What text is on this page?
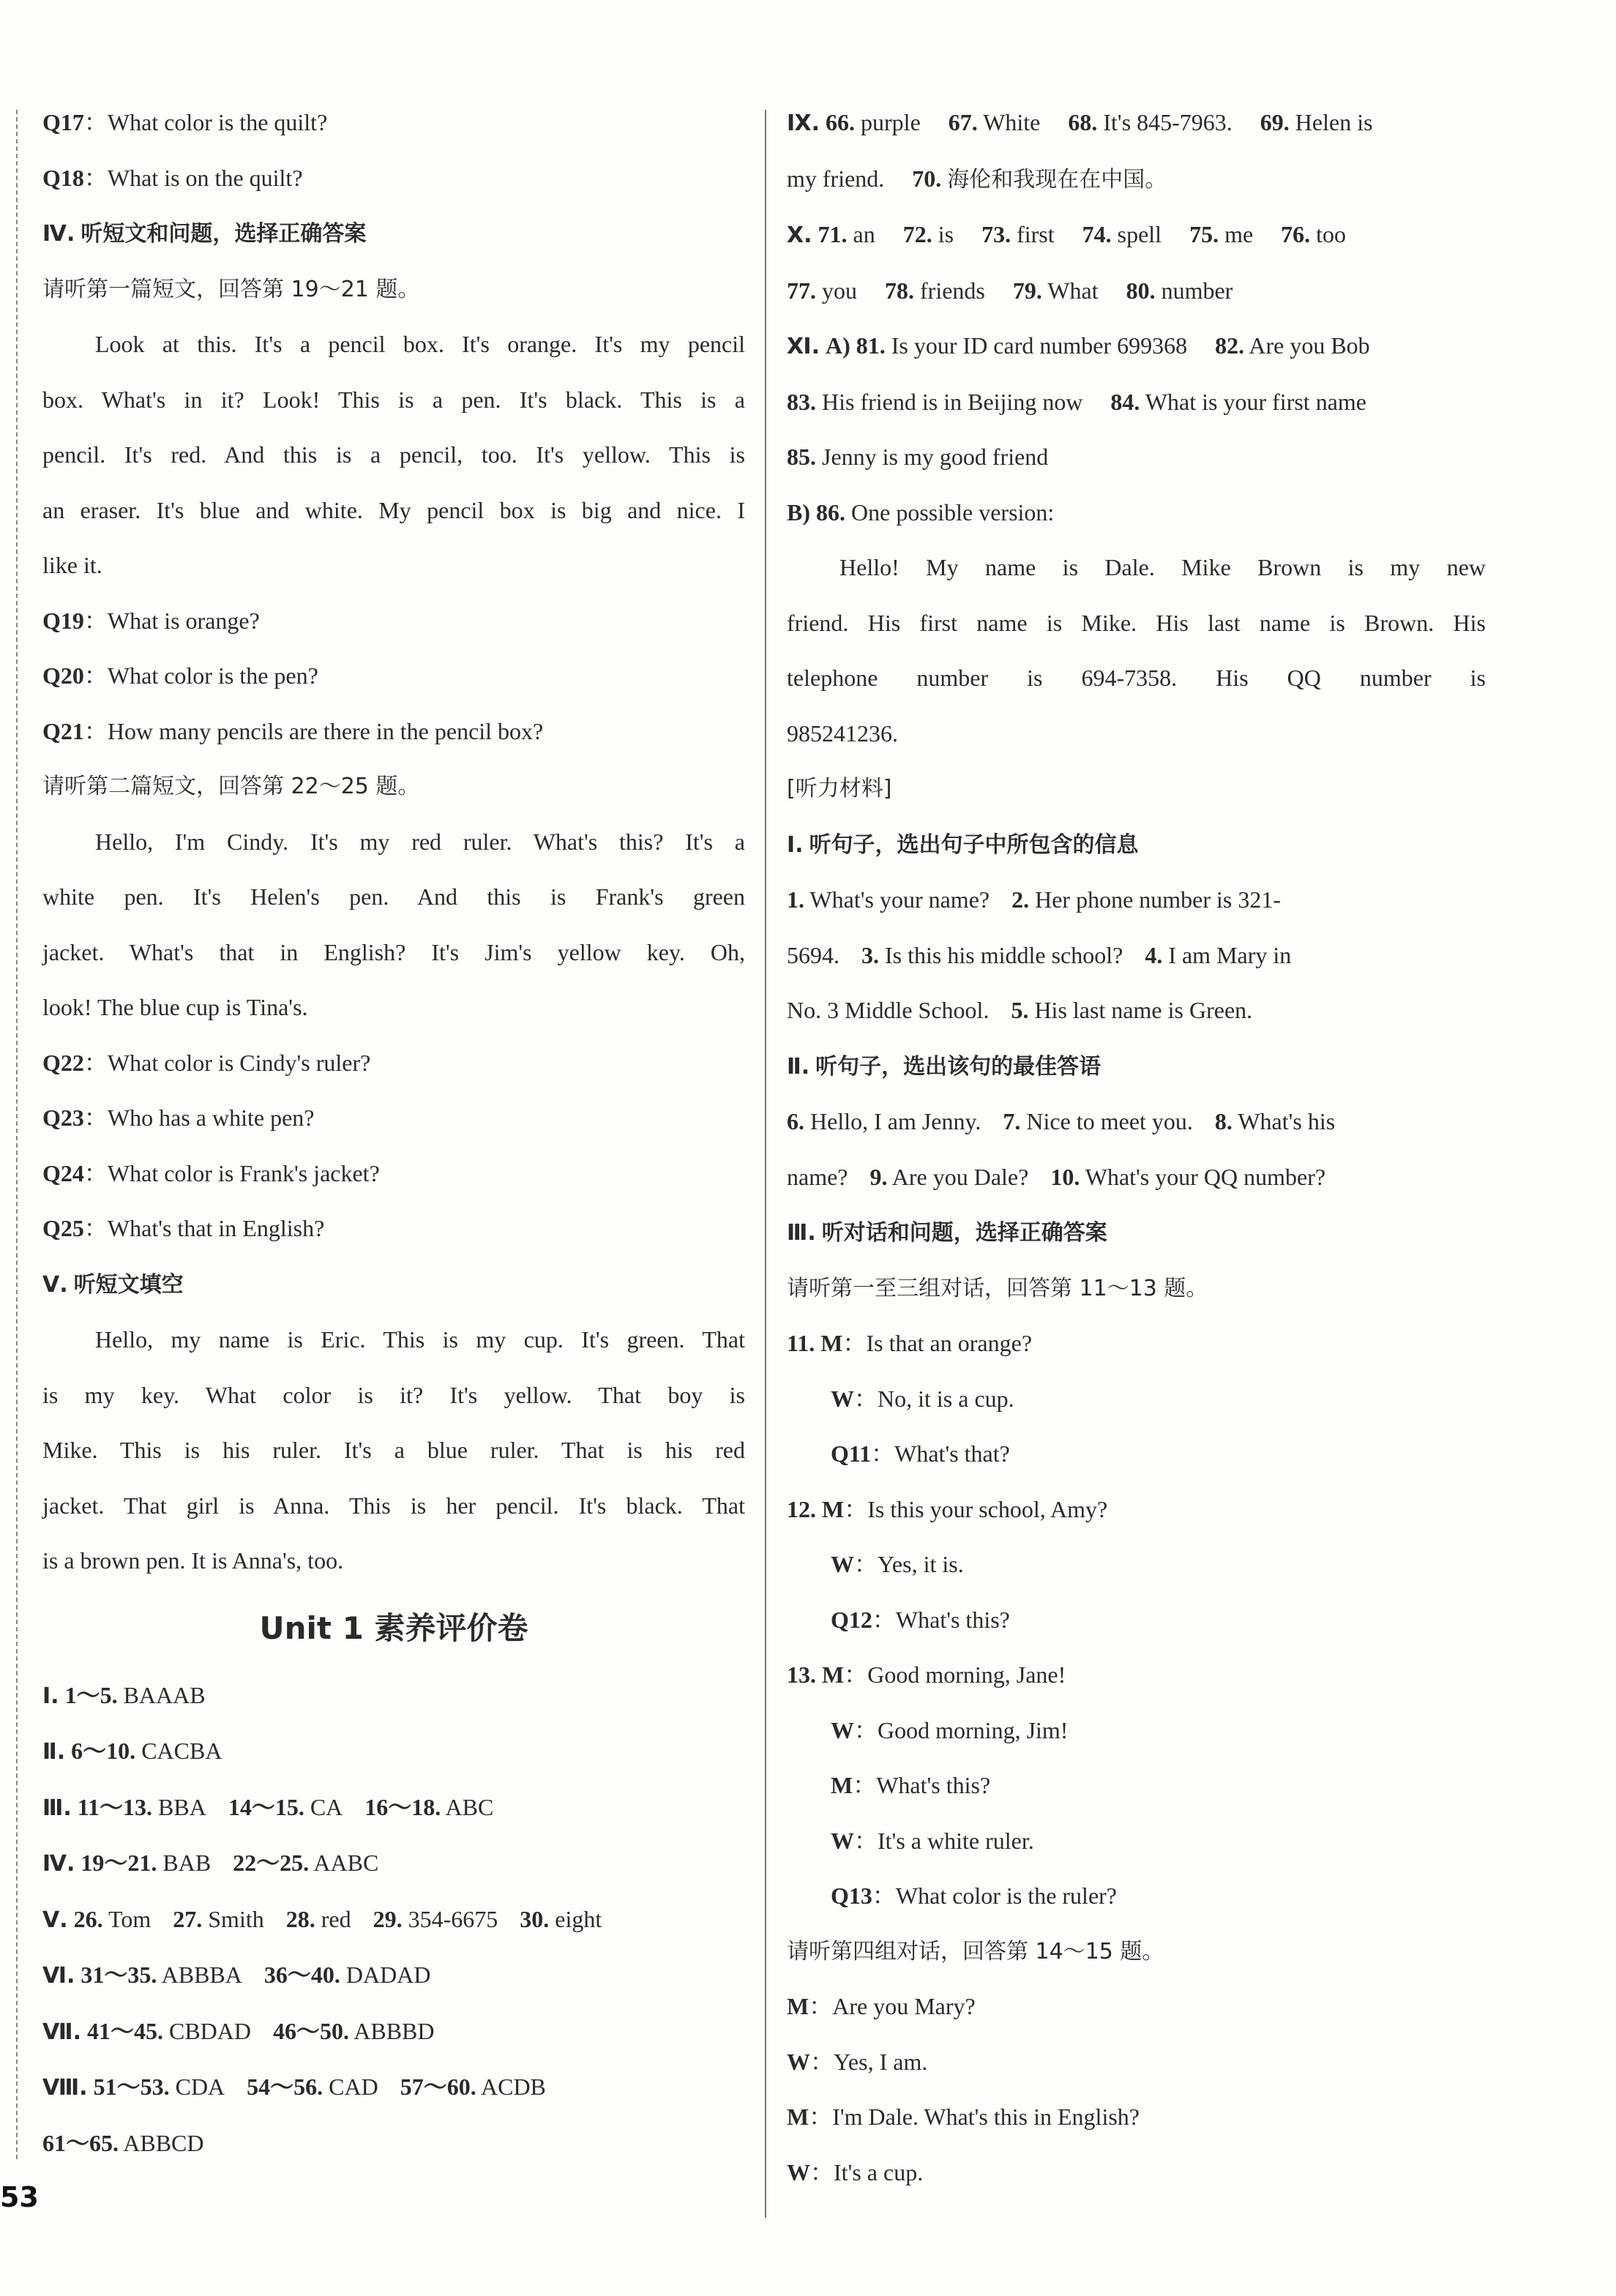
Q17：What color is the quilt?
Q18：What is on the quilt?
Ⅳ. 听短文和问题，选择正确答案
请听第一篇短文，回答第 19～21 题。
Look at this. It's a pencil box. It's orange. It's my pencil
box. What's in it? Look! This is a pen. It's black. This is a
pencil. It's red. And this is a pencil, too. It's yellow. This is
an eraser. It's blue and white. My pencil box is big and nice. I
like it.
Q19：What is orange?
Q20：What color is the pen?
Q21：How many pencils are there in the pencil box?
请听第二篇短文，回答第 22～25 题。
Hello, I'm Cindy. It's my red ruler. What's this? It's a
white pen. It's Helen's pen. And this is Frank's green
jacket. What's that in English? It's Jim's yellow key. Oh,
look! The blue cup is Tina's.
Q22：What color is Cindy's ruler?
Q23：Who has a white pen?
Q24：What color is Frank's jacket?
Q25：What's that in English?
Ⅴ. 听短文填空
Hello, my name is Eric. This is my cup. It's green. That
is my key. What color is it? It's yellow. That boy is
Mike. This is his ruler. It's a blue ruler. That is his red
jacket. That girl is Anna. This is her pencil. It's black. That
is a brown pen. It is Anna's, too.
Unit 1 素养评价卷
Ⅰ. 1～5. BAAAB
Ⅱ. 6～10. CACBA
Ⅲ. 11～13. BBA 14～15. CA 16～18. ABC
Ⅳ. 19～21. BAB 22～25. AABC
Ⅴ. 26. Tom 27. Smith 28. red 29. 354-6675 30. eight
Ⅵ. 31～35. ABBBA 36～40. DADAD
Ⅶ. 41～45. CBDAD 46～50. ABBBD
Ⅷ. 51～53. CDA 54～56. CAD 57～60. ACDB
61～65. ABBCD
Ⅸ. 66. purple 67. White 68. It's 845-7963. 69. Helen is
my friend. 70. 海伦和我现在在中国。
Ⅹ. 71. an 72. is 73. first 74. spell 75. me 76. too
77. you 78. friends 79. What 80. number
Ⅺ. A) 81. Is your ID card number 699368 82. Are you Bob
83. His friend is in Beijing now 84. What is your first name
85. Jenny is my good friend
B) 86. One possible version:
Hello! My name is Dale. Mike Brown is my new
friend. His first name is Mike. His last name is Brown. His
telephone number is 694-7358. His QQ number is
985241236.
[听力材料]
Ⅰ. 听句子，选出句子中所包含的信息
1. What's your name? 2. Her phone number is 321-
5694. 3. Is this his middle school? 4. I am Mary in
No. 3 Middle School. 5. His last name is Green.
Ⅱ. 听句子，选出该句的最佳答语
6. Hello, I am Jenny. 7. Nice to meet you. 8. What's his
name? 9. Are you Dale? 10. What's your QQ number?
Ⅲ. 听对话和问题，选择正确答案
请听第一至三组对话，回答第 11～13 题。
11. M：Is that an orange?
W：No, it is a cup.
Q11：What's that?
12. M：Is this your school, Amy?
W：Yes, it is.
Q12：What's this?
13. M：Good morning, Jane!
W：Good morning, Jim!
M：What's this?
W：It's a white ruler.
Q13：What color is the ruler?
请听第四组对话，回答第 14～15 题。
M：Are you Mary?
W：Yes, I am.
M：I'm Dale. What's this in English?
W：It's a cup.
53
